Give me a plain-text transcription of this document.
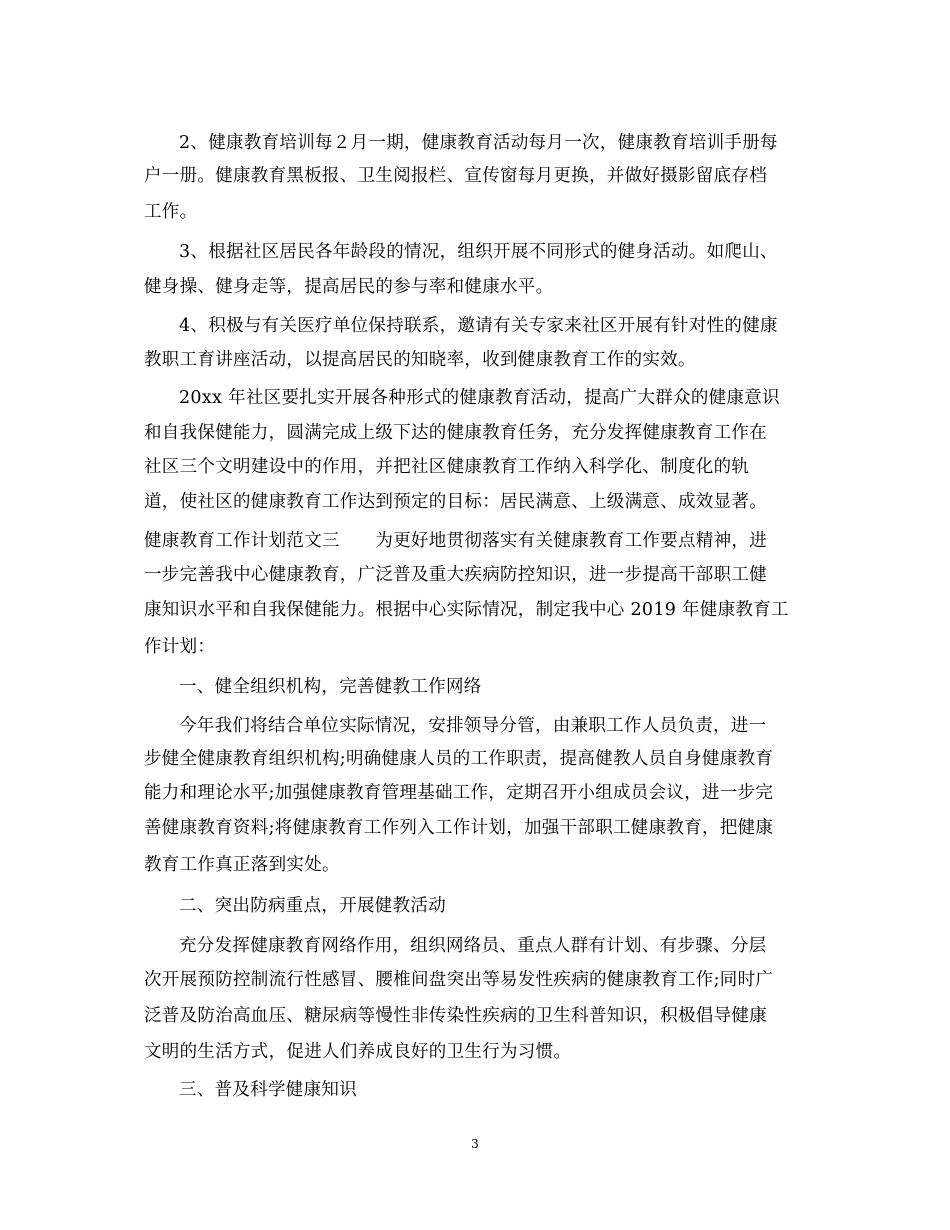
2、健康教育培训每２月一期，健康教育活动每月一次，健康教育培训手册每
户一册。健康教育黑板报、卫生阅报栏、宣传窗每月更换，并做好摄影留底存档
工作。
3、根据社区居民各年龄段的情况，组织开展不同形式的健身活动。如爬山、
健身操、健身走等，提高居民的参与率和健康水平。
4、积极与有关医疗单位保持联系，邀请有关专家来社区开展有针对性的健康
教职工育讲座活动，以提高居民的知晓率，收到健康教育工作的实效。
20xx 年社区要扎实开展各种形式的健康教育活动，提高广大群众的健康意识
和自我保健能力，圆满完成上级下达的健康教育任务，充分发挥健康教育工作在
社区三个文明建设中的作用，并把社区健康教育工作纳入科学化、制度化的轨
道，使社区的健康教育工作达到预定的目标：居民满意、上级满意、成效显著。
健康教育工作计划范文三　　为更好地贯彻落实有关健康教育工作要点精神，进
一步完善我中心健康教育，广泛普及重大疾病防控知识，进一步提高干部职工健
康知识水平和自我保健能力。根据中心实际情况，制定我中心 2019 年健康教育工
作计划：
一、健全组织机构，完善健教工作网络
今年我们将结合单位实际情况，安排领导分管，由兼职工作人员负责，进一
步健全健康教育组织机构;明确健康人员的工作职责，提高健教人员自身健康教育
能力和理论水平;加强健康教育管理基础工作，定期召开小组成员会议，进一步完
善健康教育资料;将健康教育工作列入工作计划，加强干部职工健康教育，把健康
教育工作真正落到实处。
二、突出防病重点，开展健教活动
充分发挥健康教育网络作用，组织网络员、重点人群有计划、有步骤、分层
次开展预防控制流行性感冒、腰椎间盘突出等易发性疾病的健康教育工作;同时广
泛普及防治高血压、糖尿病等慢性非传染性疾病的卫生科普知识，积极倡导健康
文明的生活方式，促进人们养成良好的卫生行为习惯。
三、普及科学健康知识
3
